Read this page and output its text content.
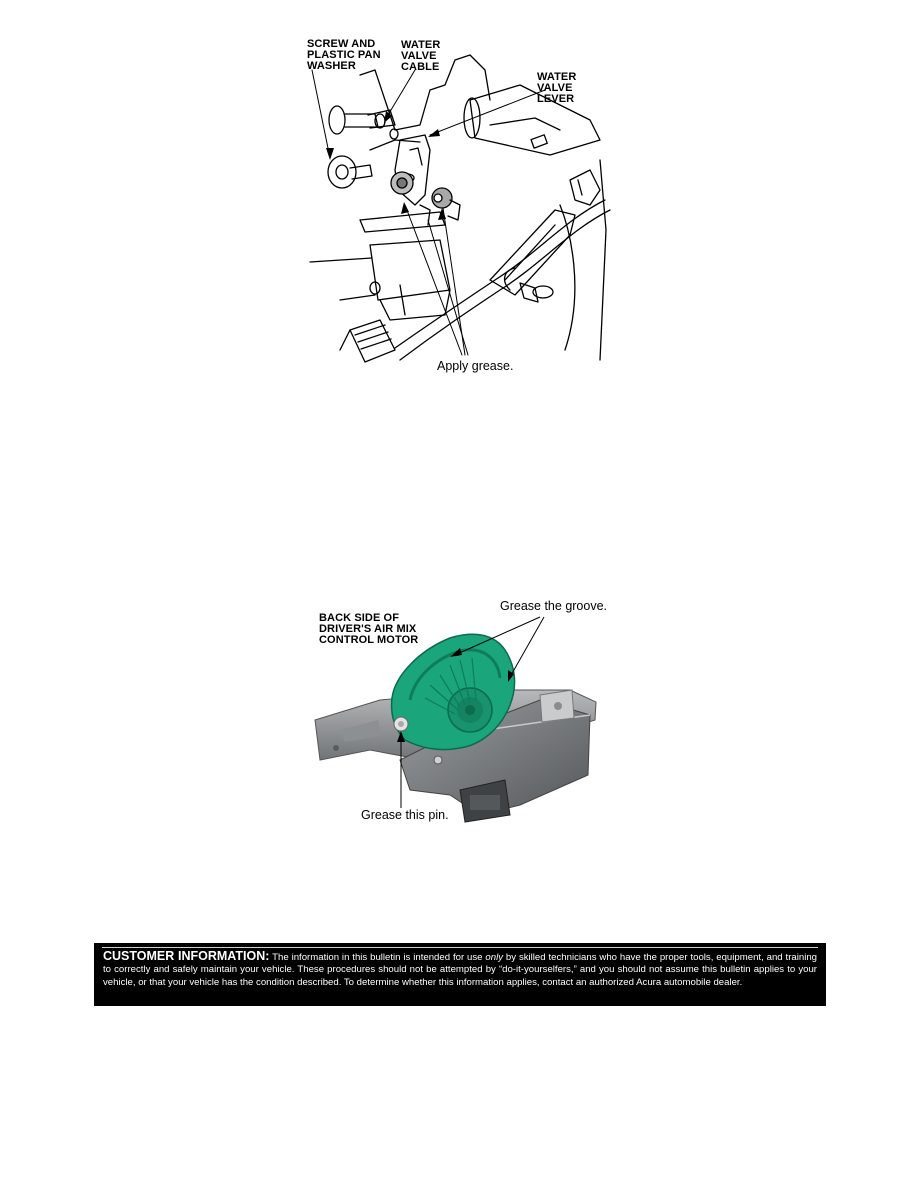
SCREW AND
PLASTIC PAN
WASHER
WATER
VALVE
CABLE
WATER
VALVE
LEVER
Apply grease.
BACK SIDE OF
DRIVER'S AIR MIX
CONTROL MOTOR
Grease the groove.
Grease this pin.

CUSTOMER INFORMATION: The information in this bulletin is intended for use only by skilled technicians who have the proper tools, equipment, and training to correctly and safely maintain your vehicle. These procedures should not be attempted by “do-it-yourselfers,” and you should not assume this bulletin applies to your vehicle, or that your vehicle has the condition described. To determine whether this information applies, contact an authorized Acura automobile dealer.
